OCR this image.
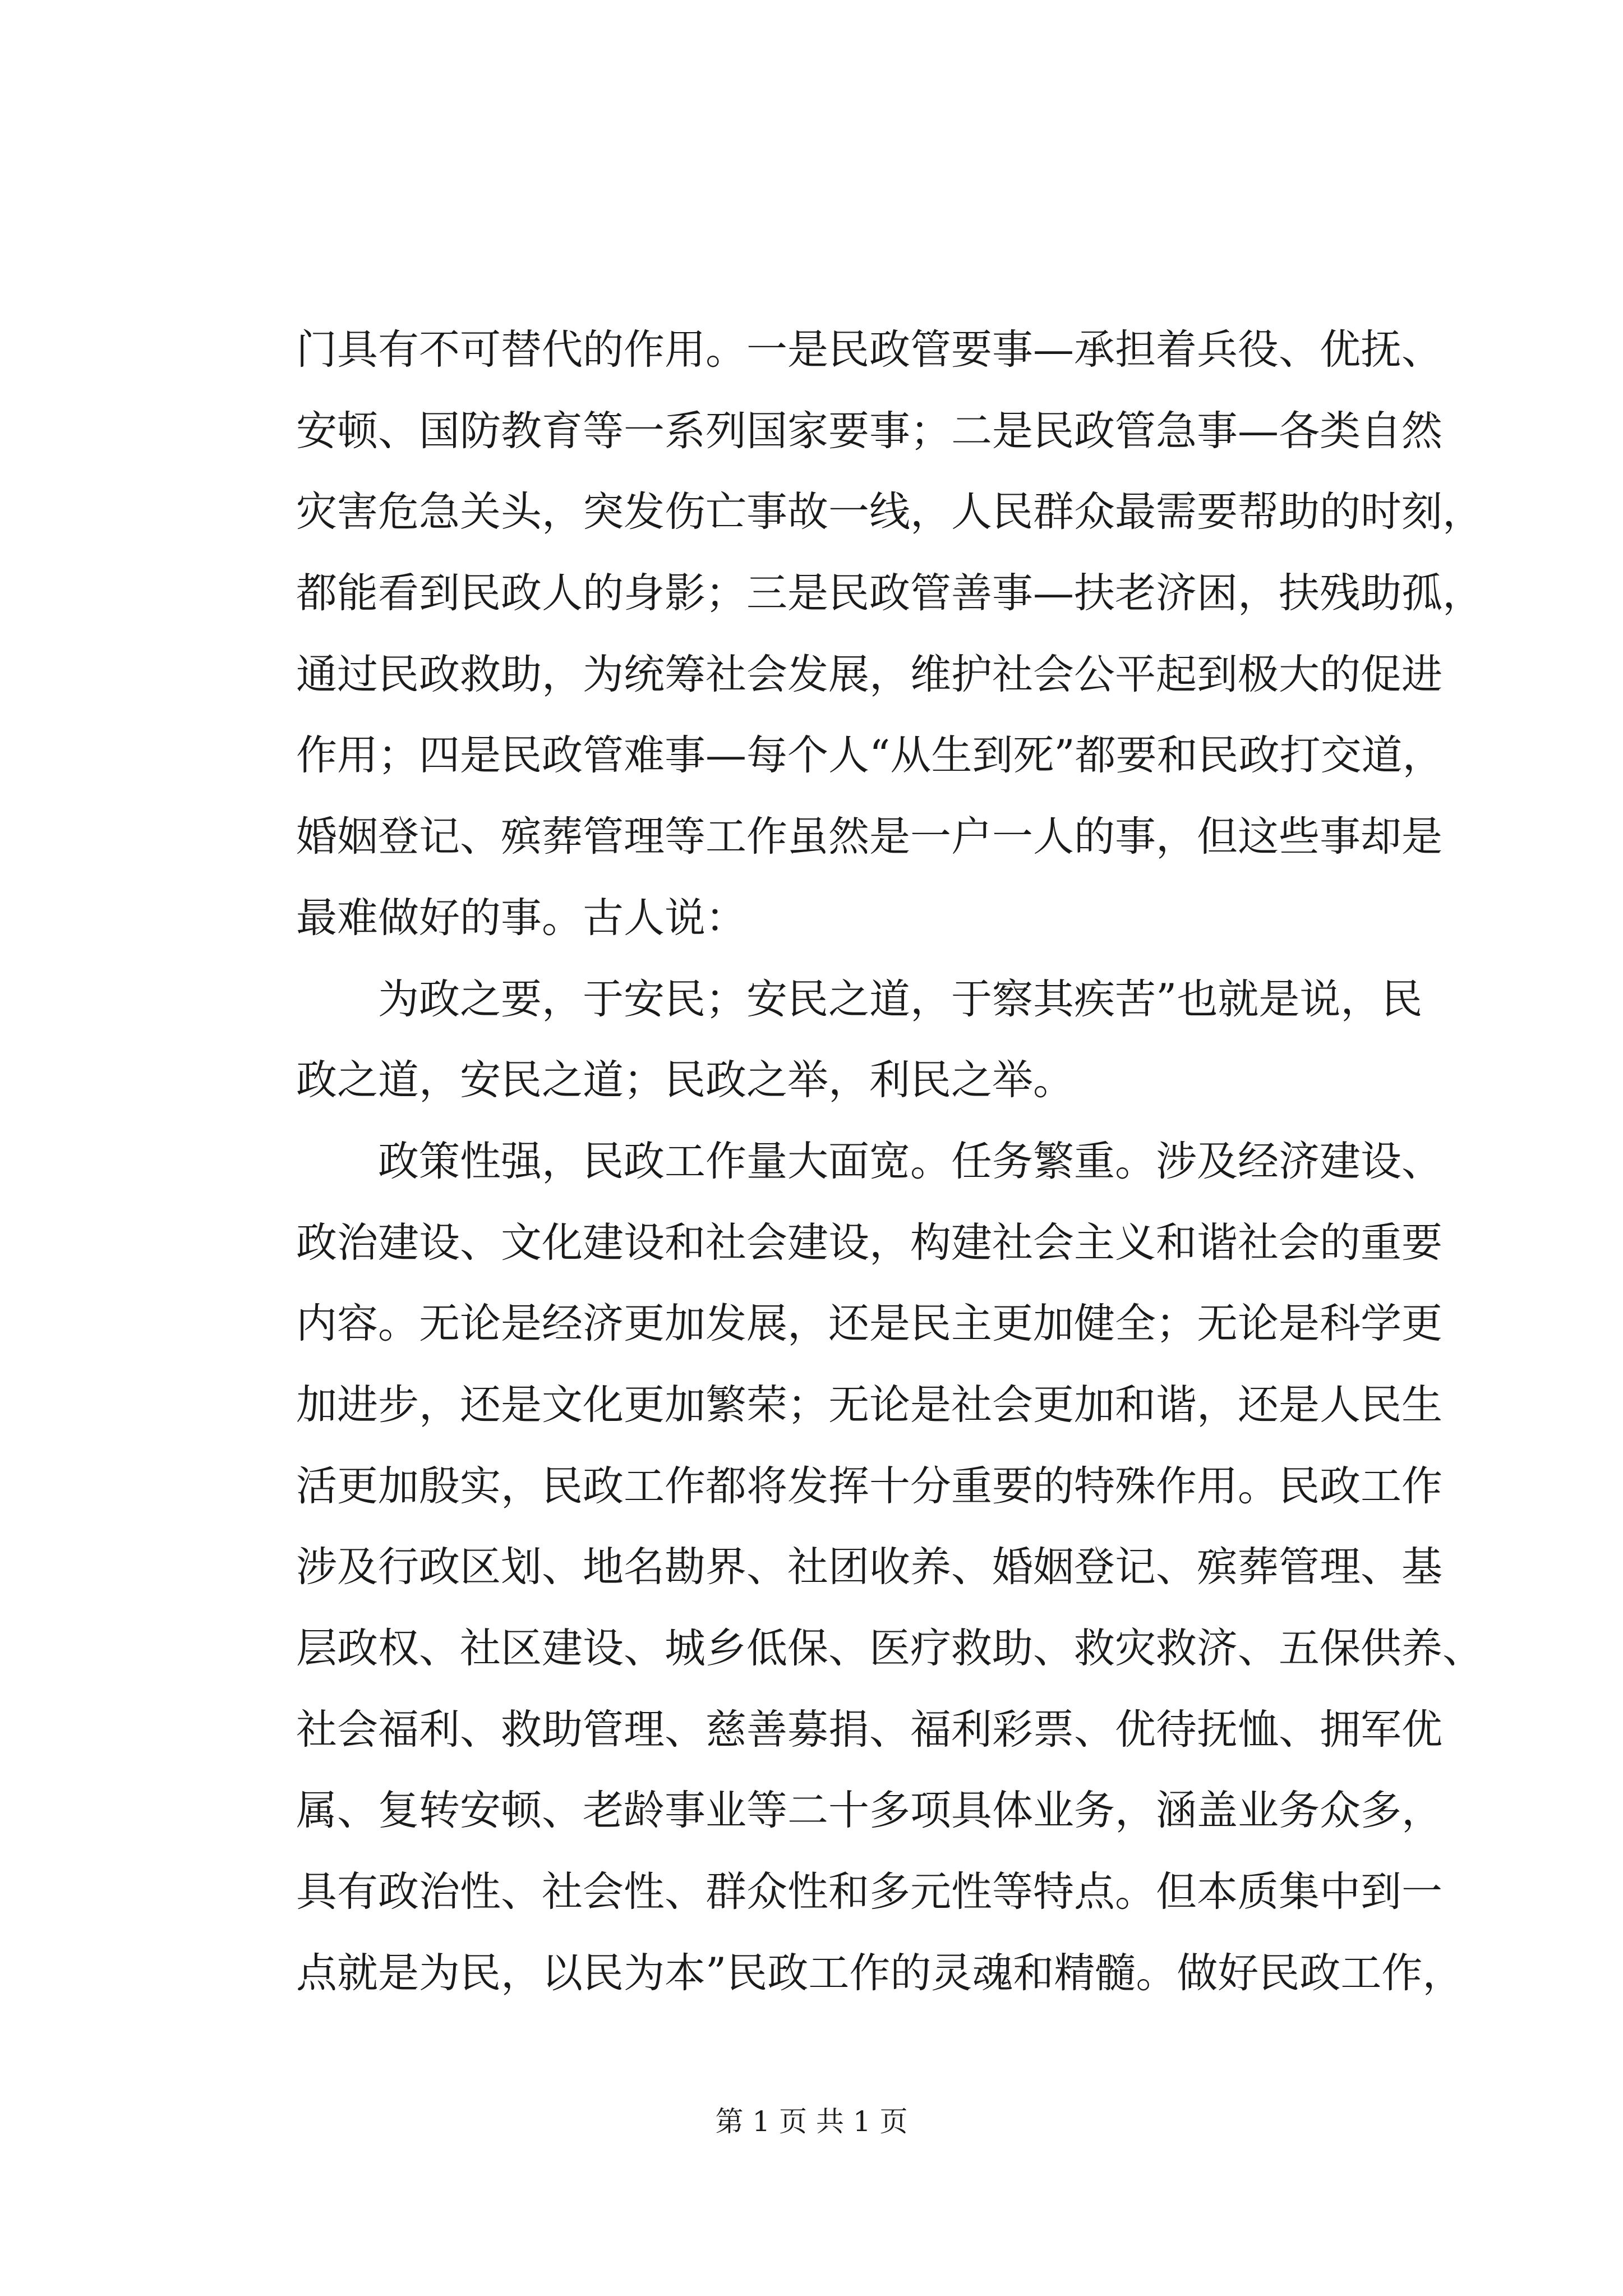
门具有不可替代的作用。一是民政管要事—承担着兵役、优抚、
安顿、国防教育等一系列国家要事；二是民政管急事—各类自然
灾害危急关头，突发伤亡事故一线，人民群众最需要帮助的时刻，
都能看到民政人的身影；三是民政管善事—扶老济困，扶残助孤，
通过民政救助，为统筹社会发展，维护社会公平起到极大的促进
作用；四是民政管难事—每个人“从生到死”都要和民政打交道，
婚姻登记、殡葬管理等工作虽然是一户一人的事，但这些事却是
最难做好的事。古人说：
为政之要，于安民；安民之道，于察其疾苦”也就是说，民
政之道，安民之道；民政之举，利民之举。
政策性强，民政工作量大面宽。任务繁重。涉及经济建设、
政治建设、文化建设和社会建设，构建社会主义和谐社会的重要
内容。无论是经济更加发展，还是民主更加健全；无论是科学更
加进步，还是文化更加繁荣；无论是社会更加和谐，还是人民生
活更加殷实，民政工作都将发挥十分重要的特殊作用。民政工作
涉及行政区划、地名勘界、社团收养、婚姻登记、殡葬管理、基
层政权、社区建设、城乡低保、医疗救助、救灾救济、五保供养、
社会福利、救助管理、慈善募捐、福利彩票、优待抚恤、拥军优
属、复转安顿、老龄事业等二十多项具体业务，涵盖业务众多，
具有政治性、社会性、群众性和多元性等特点。但本质集中到一
点就是为民，以民为本”民政工作的灵魂和精髓。做好民政工作，
第 1 页 共 1 页
